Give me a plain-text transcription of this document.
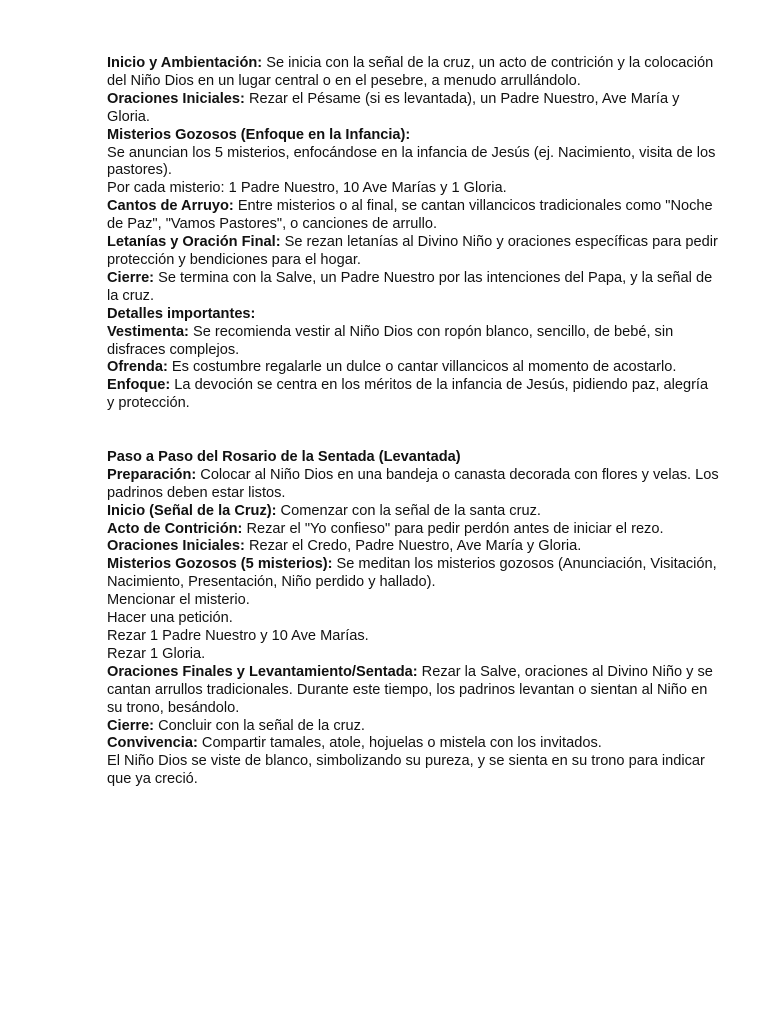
Inicio y Ambientación: Se inicia con la señal de la cruz, un acto de contrición y la colocación del Niño Dios en un lugar central o en el pesebre, a menudo arrullándolo.

Oraciones Iniciales: Rezar el Pésame (si es levantada), un Padre Nuestro, Ave María y Gloria.

Misterios Gozosos (Enfoque en la Infancia):

Se anuncian los 5 misterios, enfocándose en la infancia de Jesús (ej. Nacimiento, visita de los pastores).

Por cada misterio: 1 Padre Nuestro, 10 Ave Marías y 1 Gloria.

Cantos de Arruyo: Entre misterios o al final, se cantan villancicos tradicionales como "Noche de Paz", "Vamos Pastores", o canciones de arrullo.

Letanías y Oración Final: Se rezan letanías al Divino Niño y oraciones específicas para pedir protección y bendiciones para el hogar.

Cierre: Se termina con la Salve, un Padre Nuestro por las intenciones del Papa, y la señal de la cruz.

Detalles importantes:

Vestimenta: Se recomienda vestir al Niño Dios con ropón blanco, sencillo, de bebé, sin disfraces complejos.

Ofrenda: Es costumbre regalarle un dulce o cantar villancicos al momento de acostarlo.

Enfoque: La devoción se centra en los méritos de la infancia de Jesús, pidiendo paz, alegría y protección.

Paso a Paso del Rosario de la Sentada (Levantada)

Preparación: Colocar al Niño Dios en una bandeja o canasta decorada con flores y velas. Los padrinos deben estar listos.

Inicio (Señal de la Cruz): Comenzar con la señal de la santa cruz.

Acto de Contrición: Rezar el "Yo confieso" para pedir perdón antes de iniciar el rezo.

Oraciones Iniciales: Rezar el Credo, Padre Nuestro, Ave María y Gloria.

Misterios Gozosos (5 misterios): Se meditan los misterios gozosos (Anunciación, Visitación, Nacimiento, Presentación, Niño perdido y hallado).

Mencionar el misterio.

Hacer una petición.

Rezar 1 Padre Nuestro y 10 Ave Marías.

Rezar 1 Gloria.

Oraciones Finales y Levantamiento/Sentada: Rezar la Salve, oraciones al Divino Niño y se cantan arrullos tradicionales. Durante este tiempo, los padrinos levantan o sientan al Niño en su trono, besándolo.

Cierre: Concluir con la señal de la cruz.

Convivencia: Compartir tamales, atole, hojuelas o mistela con los invitados.

El Niño Dios se viste de blanco, simbolizando su pureza, y se sienta en su trono para indicar que ya creció.
